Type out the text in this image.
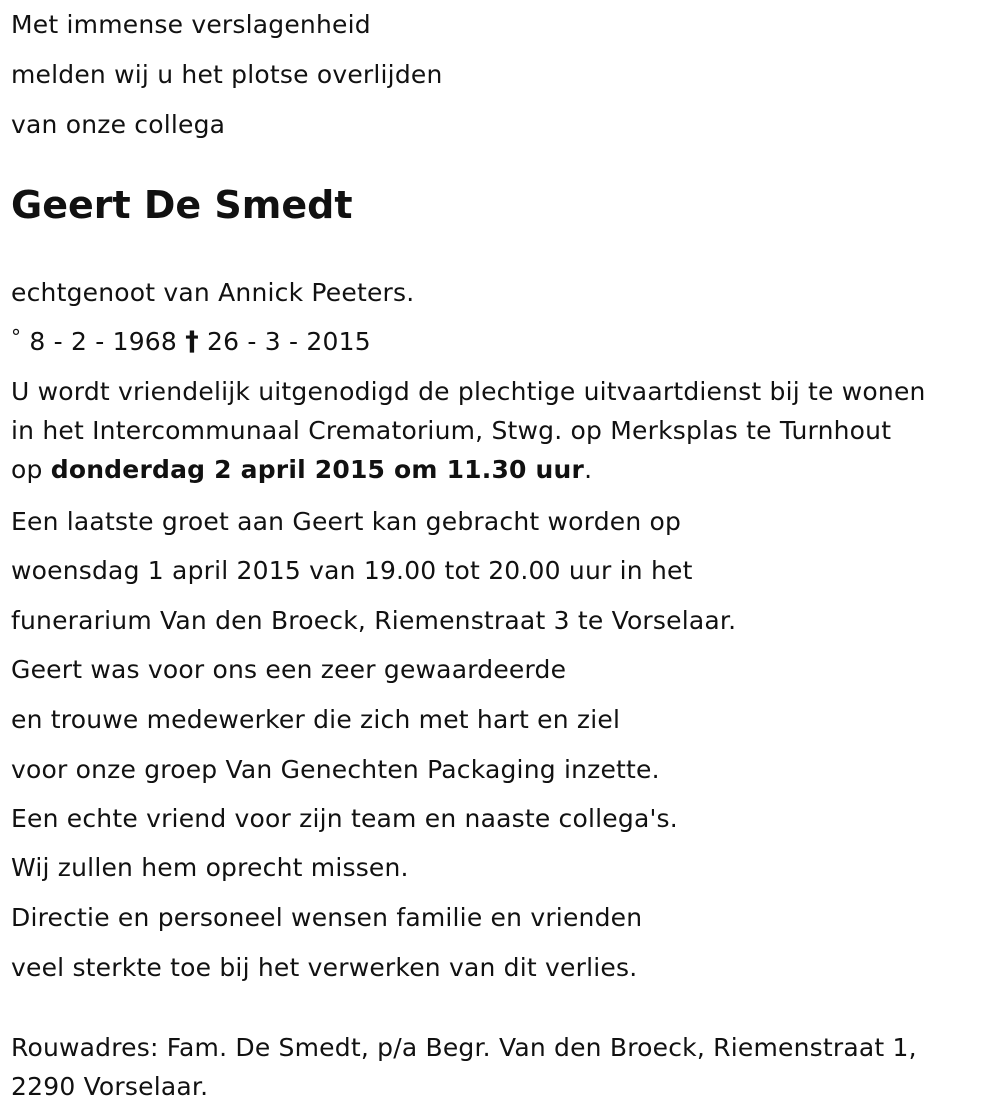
Met immense verslagenheid
melden wij u het plotse overlijden
van onze collega
Geert De Smedt
echtgenoot van Annick Peeters.
° 8 - 2 - 1968 † 26 - 3 - 2015
U wordt vriendelijk uitgenodigd de plechtige uitvaartdienst bij te wonen
in het Intercommunaal Crematorium, Stwg. op Merksplas te Turnhout
op donderdag 2 april 2015 om 11.30 uur.
Een laatste groet aan Geert kan gebracht worden op
woensdag 1 april 2015 van 19.00 tot 20.00 uur in het
funerarium Van den Broeck, Riemenstraat 3 te Vorselaar.
Geert was voor ons een zeer gewaardeerde
en trouwe medewerker die zich met hart en ziel
voor onze groep Van Genechten Packaging inzette.
Een echte vriend voor zijn team en naaste collega's.
Wij zullen hem oprecht missen.
Directie en personeel wensen familie en vrienden
veel sterkte toe bij het verwerken van dit verlies.
Rouwadres: Fam. De Smedt, p/a Begr. Van den Broeck, Riemenstraat 1,
2290 Vorselaar.
